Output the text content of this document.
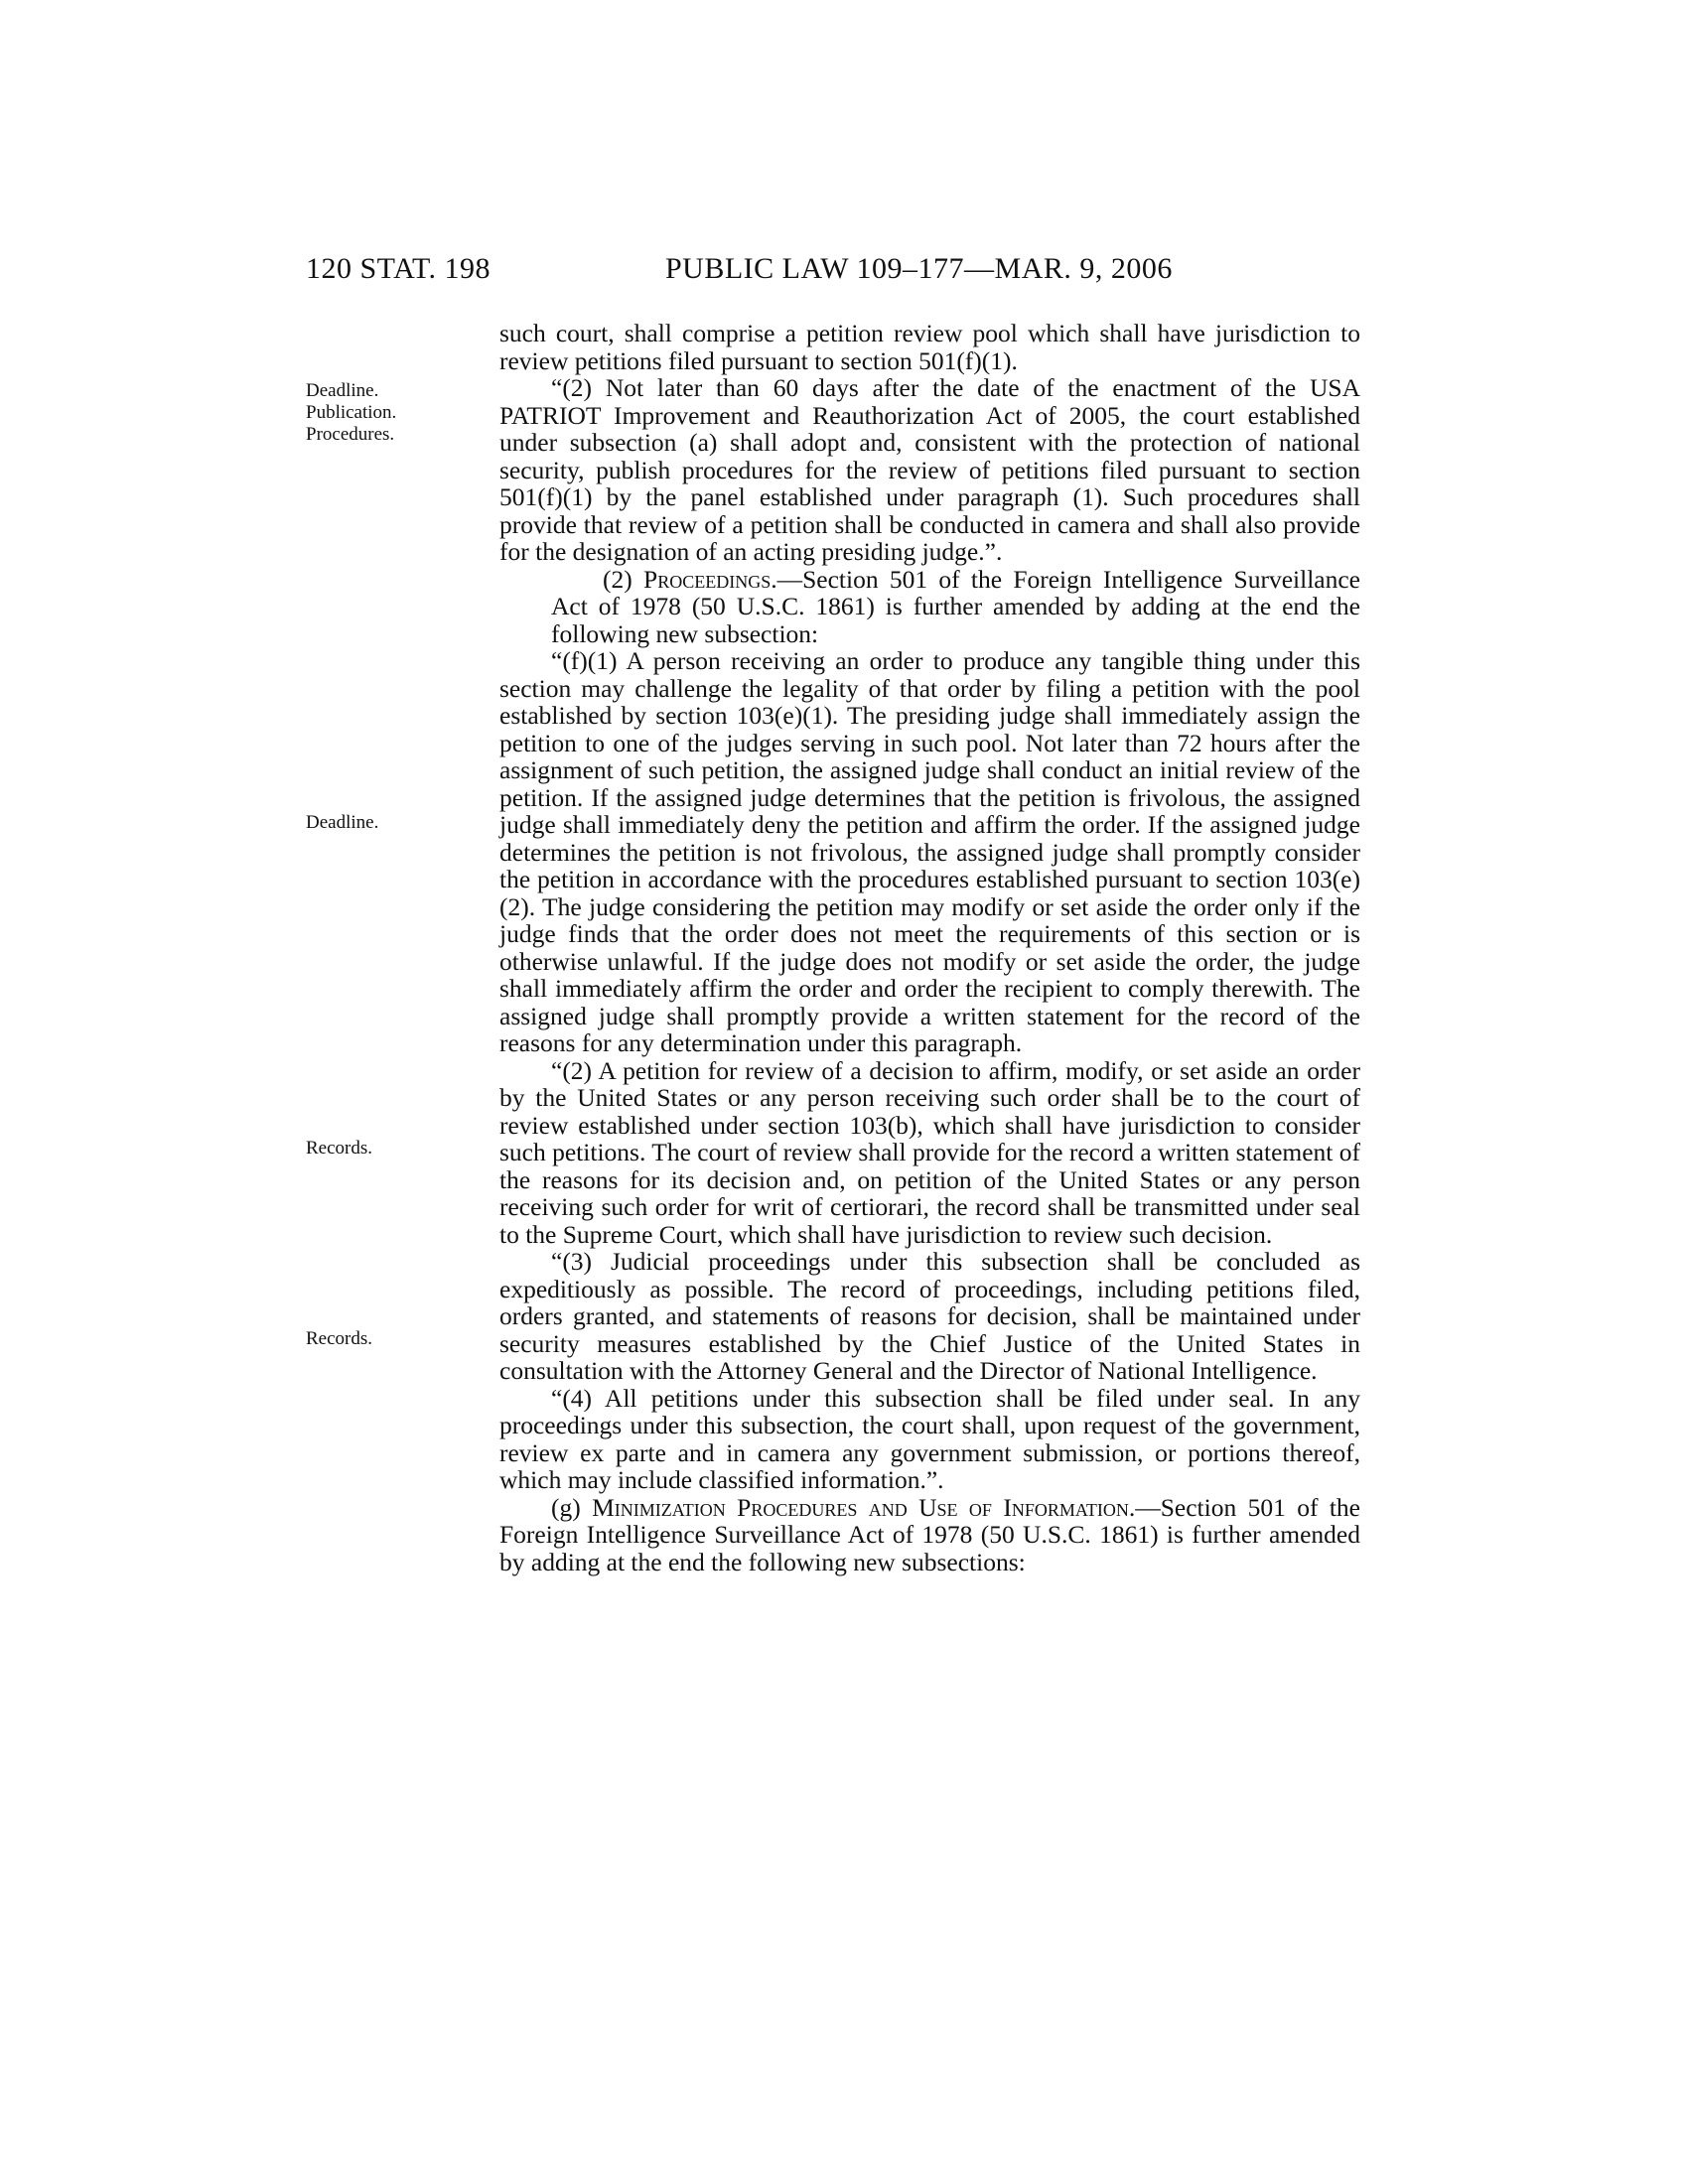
120 STAT. 198	PUBLIC LAW 109–177—MAR. 9, 2006
Deadline.
Publication.
Procedures.
Deadline.
Records.
Records.

such court, shall comprise a petition review pool which shall have jurisdiction to review petitions filed pursuant to section 501(f)(1).

“(2) Not later than 60 days after the date of the enactment of the USA PATRIOT Improvement and Reauthorization Act of 2005, the court established under subsection (a) shall adopt and, consistent with the protection of national security, publish procedures for the review of petitions filed pursuant to section 501(f)(1) by the panel established under paragraph (1). Such procedures shall provide that review of a petition shall be conducted in camera and shall also provide for the designation of an acting presiding judge.”.

(2) Proceedings.—Section 501 of the Foreign Intelligence Surveillance Act of 1978 (50 U.S.C. 1861) is further amended by adding at the end the following new subsection:

“(f)(1) A person receiving an order to produce any tangible thing under this section may challenge the legality of that order by filing a petition with the pool established by section 103(e)(1). The presiding judge shall immediately assign the petition to one of the judges serving in such pool. Not later than 72 hours after the assignment of such petition, the assigned judge shall conduct an initial review of the petition. If the assigned judge determines that the petition is frivolous, the assigned judge shall immediately deny the petition and affirm the order. If the assigned judge determines the petition is not frivolous, the assigned judge shall promptly consider the petition in accordance with the procedures established pursuant to section 103(e)(2). The judge considering the petition may modify or set aside the order only if the judge finds that the order does not meet the requirements of this section or is otherwise unlawful. If the judge does not modify or set aside the order, the judge shall immediately affirm the order and order the recipient to comply therewith. The assigned judge shall promptly provide a written statement for the record of the reasons for any determination under this paragraph.

“(2) A petition for review of a decision to affirm, modify, or set aside an order by the United States or any person receiving such order shall be to the court of review established under section 103(b), which shall have jurisdiction to consider such petitions. The court of review shall provide for the record a written statement of the reasons for its decision and, on petition of the United States or any person receiving such order for writ of certiorari, the record shall be transmitted under seal to the Supreme Court, which shall have jurisdiction to review such decision.

“(3) Judicial proceedings under this subsection shall be concluded as expeditiously as possible. The record of proceedings, including petitions filed, orders granted, and statements of reasons for decision, shall be maintained under security measures established by the Chief Justice of the United States in consultation with the Attorney General and the Director of National Intelligence.

“(4) All petitions under this subsection shall be filed under seal. In any proceedings under this subsection, the court shall, upon request of the government, review ex parte and in camera any government submission, or portions thereof, which may include classified information.”.

(g) Minimization Procedures and Use of Information.—Section 501 of the Foreign Intelligence Surveillance Act of 1978 (50 U.S.C. 1861) is further amended by adding at the end the following new subsections:
